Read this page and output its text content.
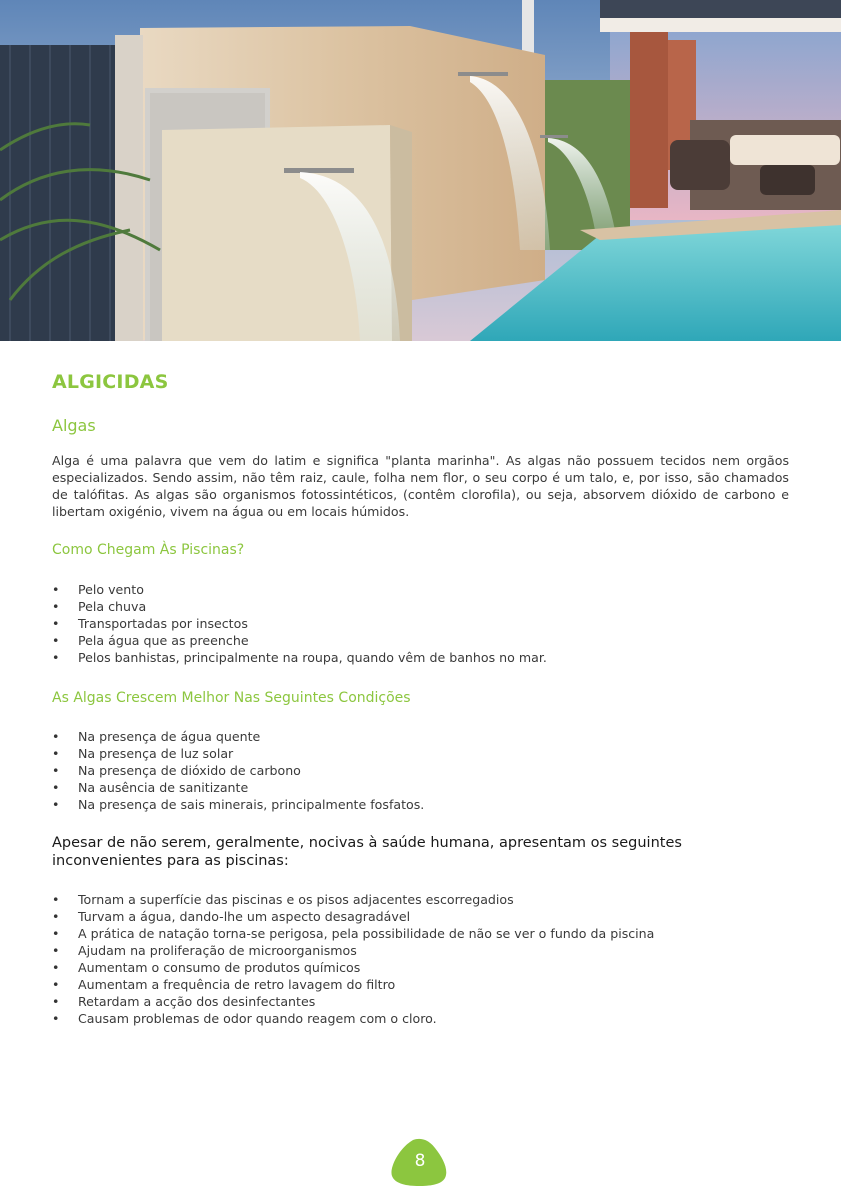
ALGICIDAS
Algas

Alga é uma palavra que vem do latim e significa "planta marinha". As algas não possuem tecidos nem orgãos especializados. Sendo assim, não têm raiz, caule, folha nem flor, o seu corpo é um talo, e, por isso, são chamados de talófitas. As algas são organismos fotossintéticos, (contêm clorofila), ou seja, absorvem dióxido de carbono e libertam oxigénio, vivem na água ou em locais húmidos.

Como Chegam Às Piscinas?
• Pelo vento
• Pela chuva
• Transportadas por insectos
• Pela água que as preenche
• Pelos banhistas, principalmente na roupa, quando vêm de banhos no mar.
As Algas Crescem Melhor Nas Seguintes Condições
• Na presença de água quente
• Na presença de luz solar
• Na presença de dióxido de carbono
• Na ausência de sanitizante
• Na presença de sais minerais, principalmente fosfatos.
Apesar de não serem, geralmente, nocivas à saúde humana, apresentam os seguintes inconvenientes para as piscinas:
• Tornam a superfície das piscinas e os pisos adjacentes escorregadios
• Turvam a água, dando-lhe um aspecto desagradável
• A prática de natação torna-se perigosa, pela possibilidade de não se ver o fundo da piscina
• Ajudam na proliferação de microorganismos
• Aumentam o consumo de produtos químicos
• Aumentam a frequência de retro lavagem do filtro
• Retardam a acção dos desinfectantes
• Causam problemas de odor quando reagem com o cloro.
8
